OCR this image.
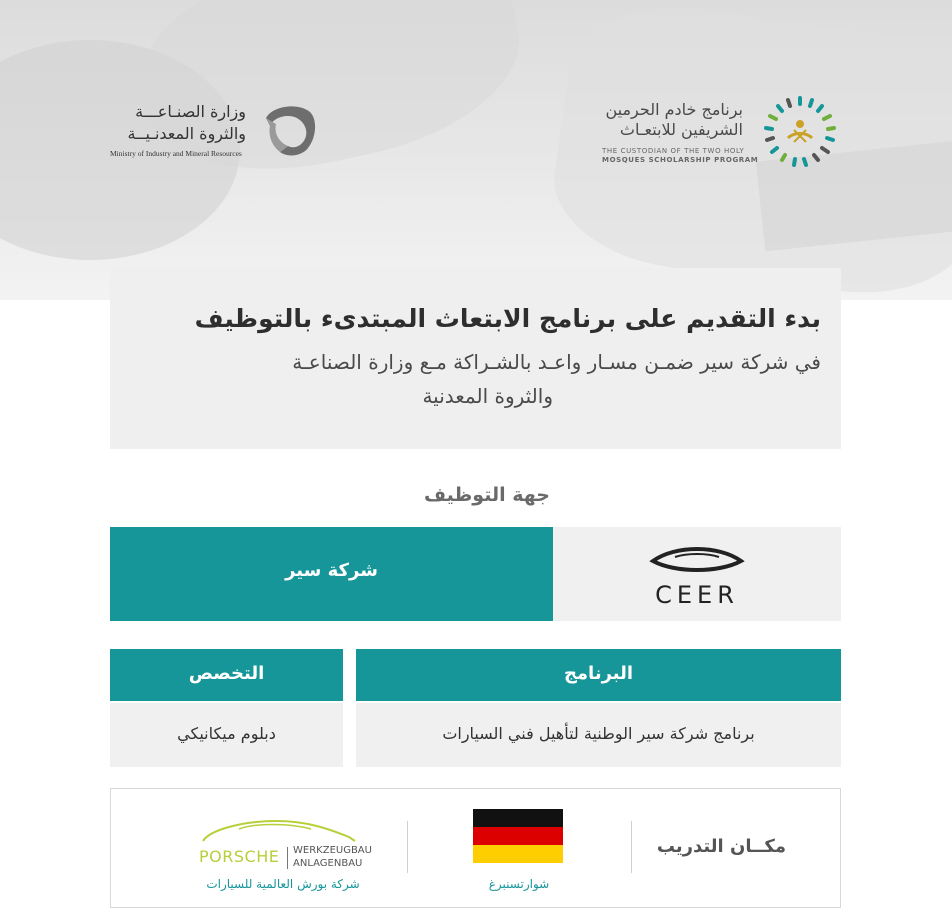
وزارة الصنـاعـــة
والثروة المعدنـيــة
Ministry of Industry and Mineral Resources
برنامج خادم الحرمين
الشريفين للابتعـاث
THE CUSTODIAN OF THE TWO HOLY
MOSQUES SCHOLARSHIP PROGRAM
بدء التقديم على برنامج الابتعاث المبتدىء بالتوظيف
في شركة سير ضمـن مسـار واعـد بالشـراكة مـع وزارة الصناعـة
والثروة المعدنية
جهة التوظيف
شركة سير
CEER
التخصص	البرنامج
دبلوم ميكانيكي	برنامج شركة سير الوطنية لتأهيل فني السيارات
مكــان التدريب
شوارتسنبرغ
PORSCHE WERKZEUGBAU
ANLAGENBAU
شركة بورش العالمية للسيارات
